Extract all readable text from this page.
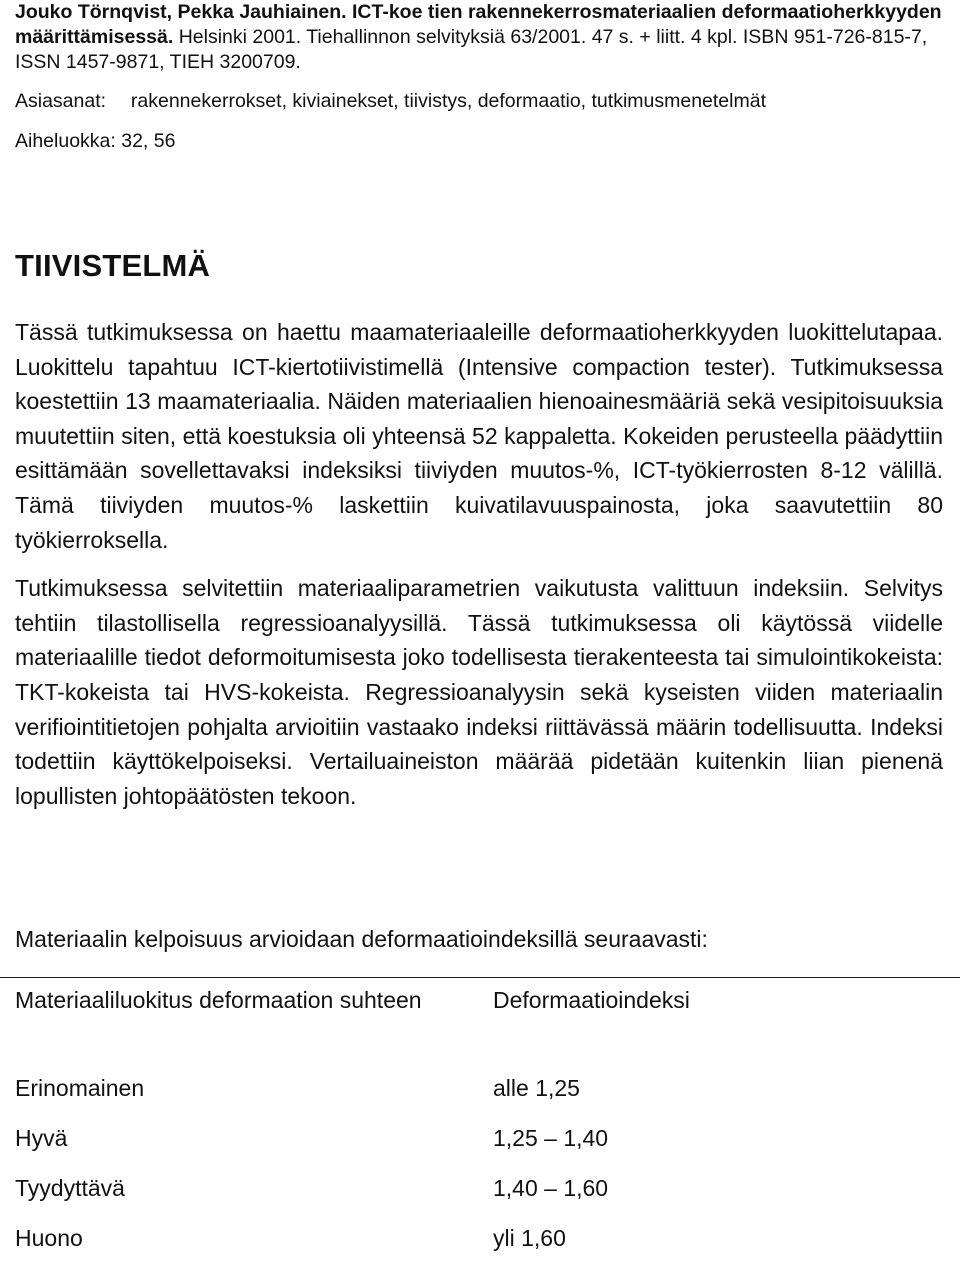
Jouko Törnqvist, Pekka Jauhiainen. ICT-koe tien rakennekerrosmateriaalien deformaatioherkkyyden määrittämisessä. Helsinki 2001. Tiehallinnon selvityksiä 63/2001. 47 s. + liitt. 4 kpl. ISBN 951-726-815-7, ISSN 1457-9871, TIEH 3200709.

Asiasanat: rakennekerrokset, kiviainekset, tiivistys, deformaatio, tutkimusmenetelmät
Aiheluokka: 32, 56
TIIVISTELMÄ

Tässä tutkimuksessa on haettu maamateriaaleille deformaatioherkkyyden luokittelutapaa. Luokittelu tapahtuu ICT-kiertotiivistimellä (Intensive compaction tester). Tutkimuksessa koestettiin 13 maamateriaalia. Näiden materiaalien hienoainesmääriä sekä vesipitoisuuksia muutettiin siten, että koestuksia oli yhteensä 52 kappaletta. Kokeiden perusteella päädyttiin esittämään sovellettavaksi indeksiksi tiiviyden muutos-%, ICT-työkierrosten 8-12 välillä. Tämä tiiviyden muutos-% laskettiin kuivatilavuuspainosta, joka saavutettiin 80 työkierroksella.

Tutkimuksessa selvitettiin materiaaliparametrien vaikutusta valittuun indeksiin. Selvitys tehtiin tilastollisella regressioanalyysillä. Tässä tutkimuksessa oli käytössä viidelle materiaalille tiedot deformoitumisesta joko todellisesta tierakenteesta tai simulointikokeista: TKT-kokeista tai HVS-kokeista. Regressioanalyysin sekä kyseisten viiden materiaalin verifiointitietojen pohjalta arvioitiin vastaako indeksi riittävässä määrin todellisuutta. Indeksi todettiin käyttökelpoiseksi. Vertailuaineiston määrää pidetään kuitenkin liian pienenä lopullisten johtopäätösten tekoon.

Materiaalin kelpoisuus arvioidaan deformaatioindeksillä seuraavasti:

Materiaaliluokitus deformaation suhteen	Deformaatioindeksi
Erinomainen	alle 1,25
Hyvä	1,25 – 1,40
Tyydyttävä	1,40 – 1,60
Huono	yli 1,60
